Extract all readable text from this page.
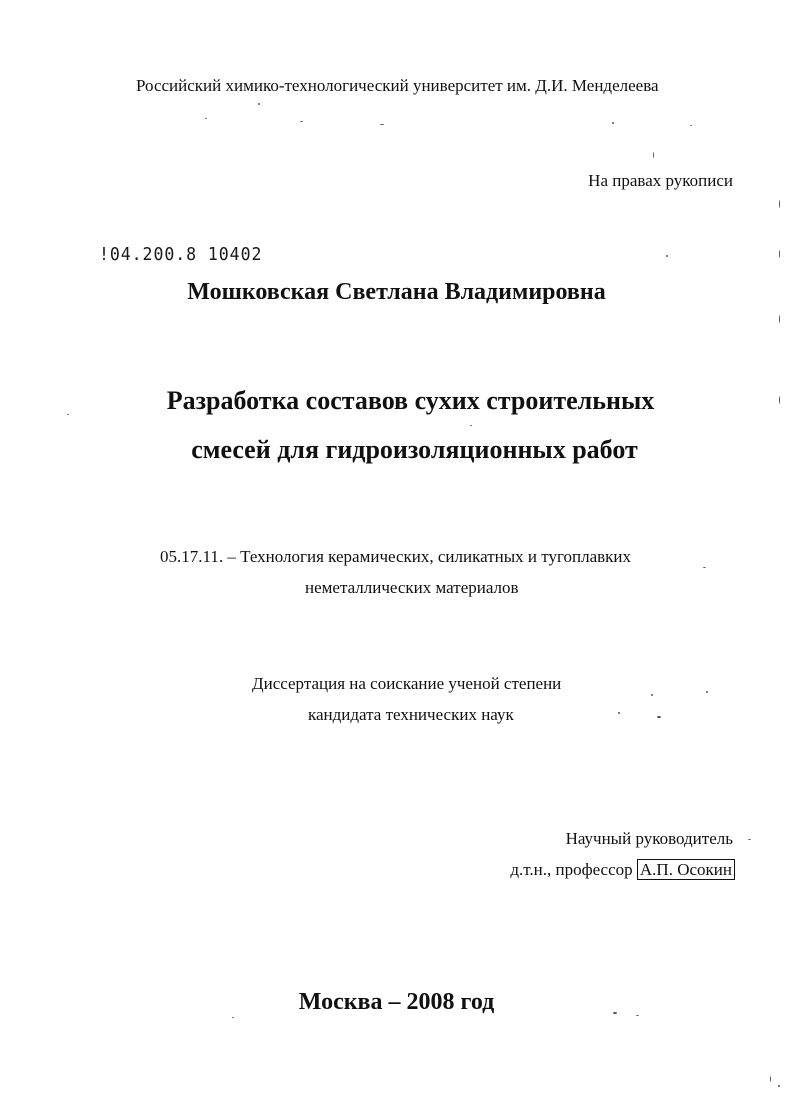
Российский химико-технологический университет им. Д.И. Менделеева
На правах рукописи
!04.200.8 10402
Мошковская Светлана Владимировна
Разработка составов сухих строительных
смесей для гидроизоляционных работ
05.17.11. – Технология керамических, силикатных и тугоплавких
неметаллических материалов
Диссертация на соискание ученой степени
кандидата технических наук
Научный руководитель
д.т.н., профессор А.П. Осокин
Москва – 2008 год
